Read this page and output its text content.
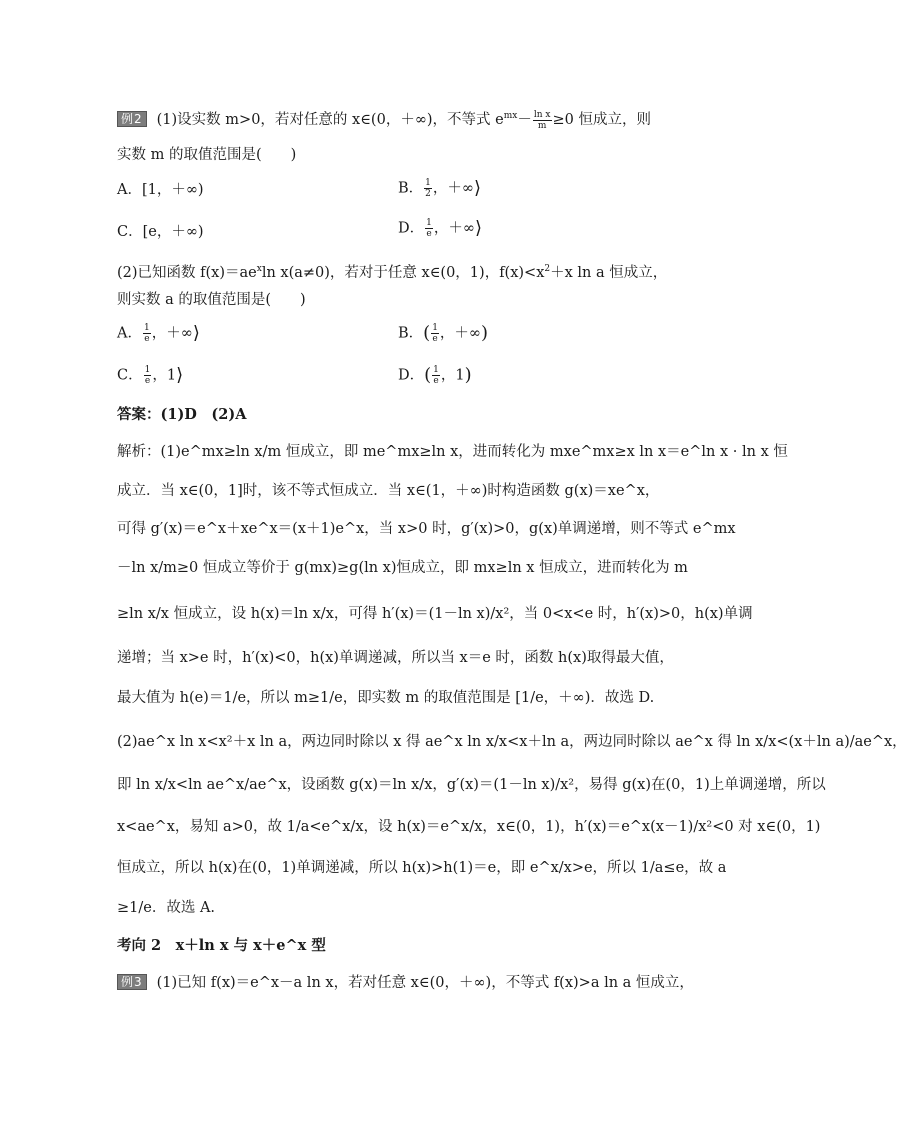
例2 (1)设实数 m>0，若对任意的 x∈(0，＋∞)，不等式 $e^{mx}- \frac{\text{ln x}}{m} \ge 0$ 恒成立，则
实数 m 的取值范围是(　　)
A．[1，＋∞)	B． $\frac{1}{2}$ ，＋∞⟩
C．[e，＋∞)	D． $\frac{1}{e}$ ，＋∞⟩
(2)已知函数 $f(x)=ae^x\ln$ x(a≠0)，若对于任意 x∈(0，1)，$f(x)<x^2+x$ ln a 恒成立，
则实数 a 的取值范围是(　　)
A． $\frac{1}{e}$ ，＋∞⟩	B．( $\frac{1}{e}$ ，＋∞)
C． $\frac{1}{e}$ ，1⟩	D．( $\frac{1}{e}$ ，1)
答案：(1)D　(2)A
解析：(1)e^mx≥ln x/m 恒成立，即 me^mx≥ln x，进而转化为 mxe^mx≥x ln x＝e^ln x · ln x 恒
成立．当 x∈(0，1]时，该不等式恒成立．当 x∈(1，＋∞)时构造函数 g(x)＝xe^x，
可得 g′(x)＝e^x＋xe^x＝(x＋1)e^x，当 x>0 时，g′(x)>0，g(x)单调递增，则不等式 e^mx
－ln x/m≥0 恒成立等价于 g(mx)≥g(ln x)恒成立，即 mx≥ln x 恒成立，进而转化为 m
≥ln x/x 恒成立，设 h(x)＝ln x/x，可得 h′(x)＝(1－ln x)/x²，当 0<x<e 时，h′(x)>0，h(x)单调
递增；当 x>e 时，h′(x)<0，h(x)单调递减，所以当 x＝e 时，函数 h(x)取得最大值，
最大值为 h(e)＝1/e，所以 m≥1/e，即实数 m 的取值范围是 [1/e，＋∞)．故选 D.
(2)ae^x ln x<x²＋x ln a，两边同时除以 x 得 ae^x ln x/x<x＋ln a，两边同时除以 ae^x 得 ln x/x<(x＋ln a)/ae^x，
即 ln x/x<ln ae^x/ae^x，设函数 g(x)＝ln x/x，g′(x)＝(1－ln x)/x²，易得 g(x)在(0，1)上单调递增，所以
x<ae^x，易知 a>0，故 1/a<e^x/x，设 h(x)＝e^x/x，x∈(0，1)，h′(x)＝e^x(x－1)/x²<0 对 x∈(0，1)
恒成立，所以 h(x)在(0，1)单调递减，所以 h(x)>h(1)＝e，即 e^x/x>e，所以 1/a≤e，故 a
≥1/e．故选 A.
考向 2　x＋ln x 与 x＋e^x 型
例3 (1)已知 f(x)＝e^x－a ln x，若对任意 x∈(0，＋∞)，不等式 f(x)>a ln a 恒成立，
